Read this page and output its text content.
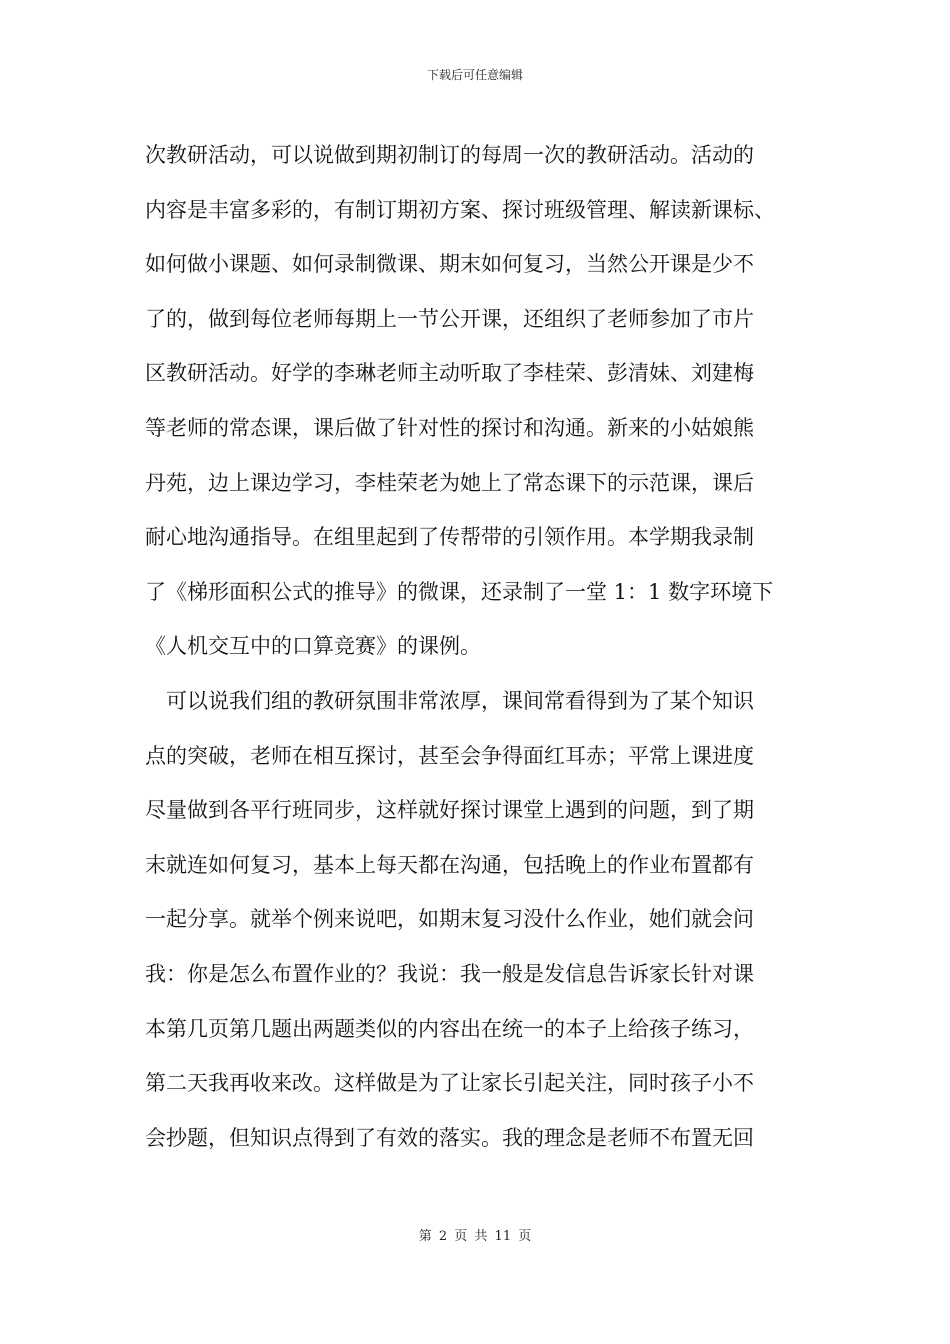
下载后可任意编辑
次教研活动，可以说做到期初制订的每周一次的教研活动。活动的
内容是丰富多彩的，有制订期初方案、探讨班级管理、解读新课标、
如何做小课题、如何录制微课、期末如何复习，当然公开课是少不
了的，做到每位老师每期上一节公开课，还组织了老师参加了市片
区教研活动。好学的李琳老师主动听取了李桂荣、彭清妹、刘建梅
等老师的常态课，课后做了针对性的探讨和沟通。新来的小姑娘熊
丹苑，边上课边学习，李桂荣老为她上了常态课下的示范课，课后
耐心地沟通指导。在组里起到了传帮带的引领作用。本学期我录制
了《梯形面积公式的推导》的微课，还录制了一堂 1：1 数字环境下
《人机交互中的口算竞赛》的课例。
可以说我们组的教研氛围非常浓厚，课间常看得到为了某个知识
点的突破，老师在相互探讨，甚至会争得面红耳赤；平常上课进度
尽量做到各平行班同步，这样就好探讨课堂上遇到的问题，到了期
末就连如何复习，基本上每天都在沟通，包括晚上的作业布置都有
一起分享。就举个例来说吧，如期末复习没什么作业，她们就会问
我：你是怎么布置作业的？我说：我一般是发信息告诉家长针对课
本第几页第几题出两题类似的内容出在统一的本子上给孩子练习，
第二天我再收来改。这样做是为了让家长引起关注，同时孩子小不
会抄题，但知识点得到了有效的落实。我的理念是老师不布置无回
第 2 页 共 11 页
